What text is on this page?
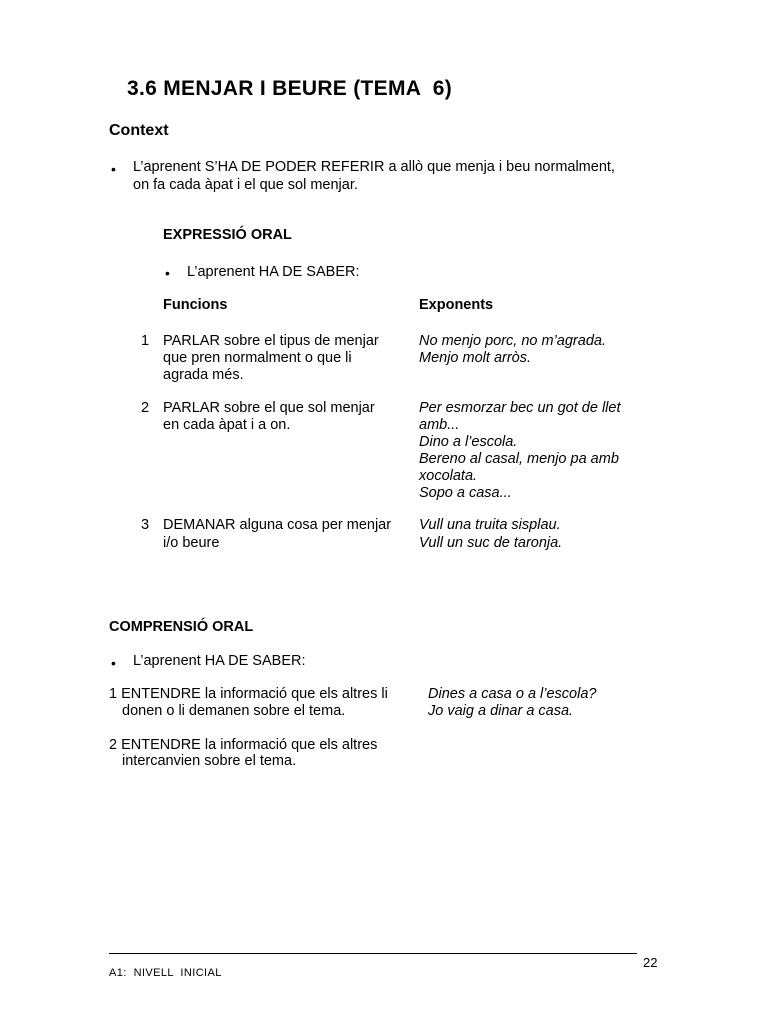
3.6 MENJAR I BEURE (TEMA  6)
Context
• L’aprenent S’HA DE PODER REFERIR a allò que menja i beu normalment,
on fa cada àpat i el que sol menjar.
EXPRESSIÓ ORAL
• L’aprenent HA DE SABER:
Funcions	Exponents
1 PARLAR sobre el tipus de menjar
que pren normalment o que li
agrada més.
No menjo porc, no m’agrada.
Menjo molt arròs.
2 PARLAR sobre el que sol menjar
en cada àpat i a on.
Per esmorzar bec un got de llet
amb...
Dino a l’escola.
Bereno al casal, menjo pa amb
xocolata.
Sopo a casa...
3 DEMANAR alguna cosa per menjar
i/o beure
Vull una truita sisplau.
Vull un suc de taronja.
COMPRENSIÓ ORAL
• L’aprenent HA DE SABER:
1 ENTENDRE la informació que els altres li
donen o li demanen sobre el tema.
Dines a casa o a l’escola?
Jo vaig a dinar a casa.
2 ENTENDRE la informació que els altres
intercanvien sobre el tema.
22
A1:  NIVELL  INICIAL
